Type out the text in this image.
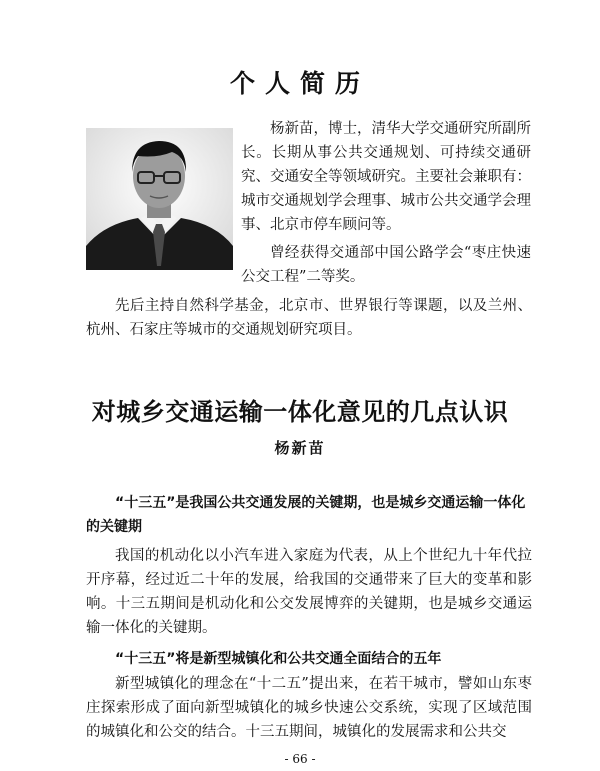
个人简历

杨新苗，博士，清华大学交通研究所副所长。长期从事公共交通规划、可持续交通研究、交通安全等领域研究。主要社会兼职有：城市交通规划学会理事、城市公共交通学会理事、北京市停车顾问等。

曾经获得交通部中国公路学会“枣庄快速公交工程”二等奖。

先后主持自然科学基金，北京市、世界银行等课题，以及兰州、杭州、石家庄等城市的交通规划研究项目。

对城乡交通运输一体化意见的几点认识
杨新苗

“十三五”是我国公共交通发展的关键期，也是城乡交通运输一体化的关键期

我国的机动化以小汽车进入家庭为代表，从上个世纪九十年代拉开序幕，经过近二十年的发展，给我国的交通带来了巨大的变革和影响。十三五期间是机动化和公交发展博弈的关键期，也是城乡交通运输一体化的关键期。

“十三五”将是新型城镇化和公共交通全面结合的五年

新型城镇化的理念在“十二五”提出来，在若干城市，譬如山东枣庄探索形成了面向新型城镇化的城乡快速公交系统，实现了区域范围的城镇化和公交的结合。十三五期间，城镇化的发展需求和公共交

- 66 -
